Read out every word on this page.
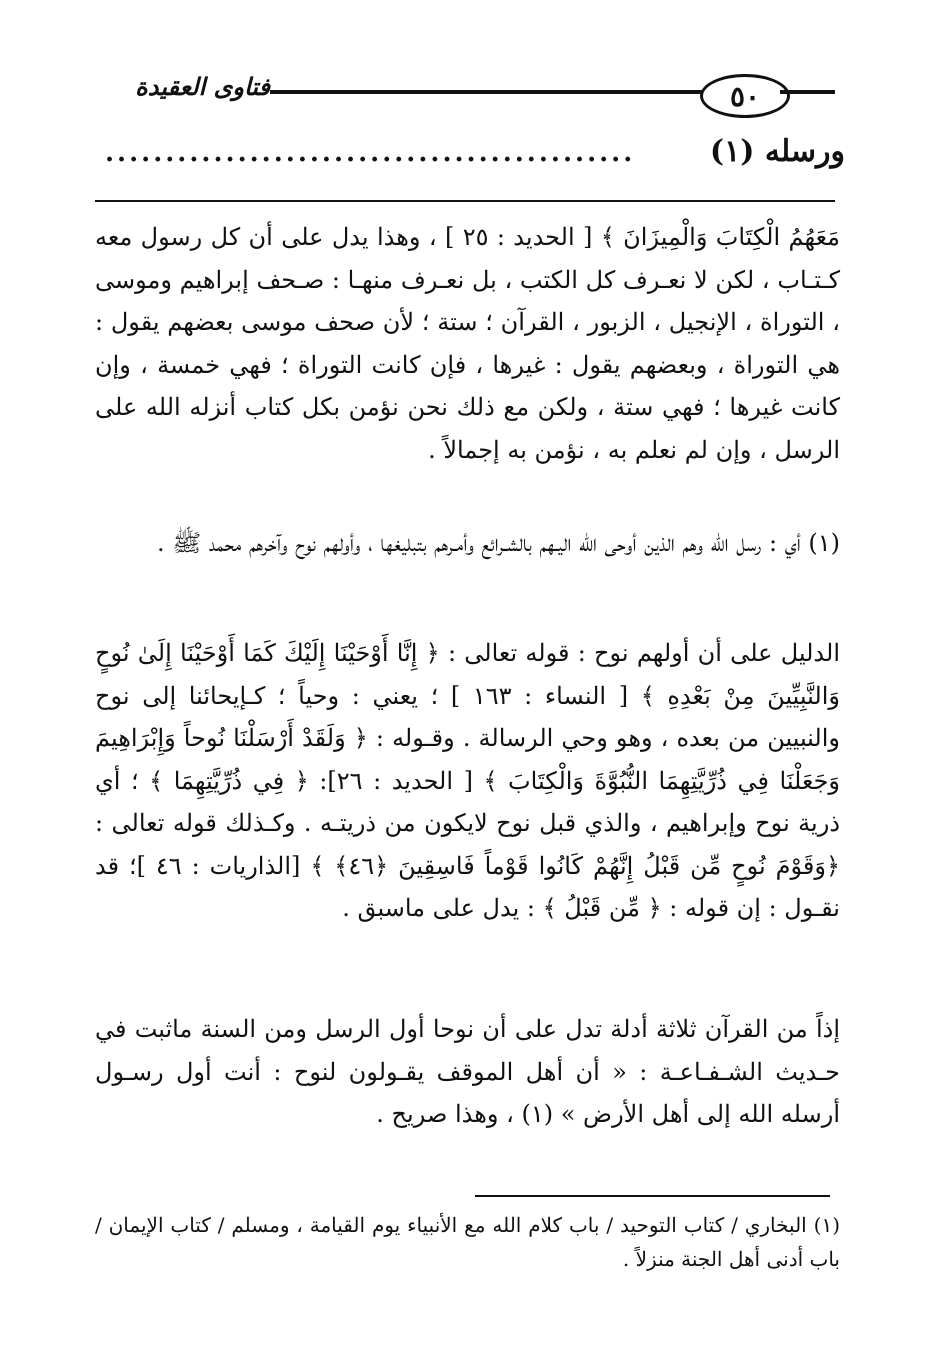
فتاوى العقيدة	٥٠
ورسله (١)
............................................
مَعَهُمُ الْكِتَابَ وَالْمِيزَانَ ﴾ [ الحديد : ٢٥ ] ، وهذا يدل على أن كل رسول معه كـتـاب ، لكن لا نعـرف كل الكتب ، بل نعـرف منهـا : صـحف إبراهيم وموسى ، التوراة ، الإنجيل ، الزبور ، القرآن ؛ ستة ؛ لأن صحف موسى بعضهم يقول : هي التوراة ، وبعضهم يقول : غيرها ، فإن كانت التوراة ؛ فهي خمسة ، وإن كانت غيرها ؛ فهي ستة ، ولكن مع ذلك نحن نؤمن بكل كتاب أنزله الله على الرسل ، وإن لم نعلم به ، نؤمن به إجمالاً .
(١) أي : رسل الله وهم الذين أوحى الله اليـهم بالشـرائع وأمـرهم بتبليغها ، وأولهم نوح وآخرهم محمد ﷺ .
الدليل على أن أولهم نوح : قوله تعالى : ﴿ إِنَّا أَوْحَيْنَا إِلَيْكَ كَمَا أَوْحَيْنَا إِلَىٰ نُوحٍ وَالنَّبِيِّينَ مِنْ بَعْدِهِ ﴾ [ النساء : ١٦٣ ] ؛ يعني : وحياً ؛ كـإيحائنا إلى نوح والنبيين من بعده ، وهو وحي الرسالة . وقـوله : ﴿ وَلَقَدْ أَرْسَلْنَا نُوحاً وَإِبْرَاهِيمَ وَجَعَلْنَا فِي ذُرِّيَّتِهِمَا النُّبُوَّةَ وَالْكِتَابَ ﴾ [ الحديد : ٢٦]: ﴿ فِي ذُرِّيَّتِهِمَا ﴾ ؛ أي ذرية نوح وإبراهيم ، والذي قبل نوح لايكون من ذريتـه . وكـذلك قوله تعالى : ﴿وَقَوْمَ نُوحٍ مِّن قَبْلُ إِنَّهُمْ كَانُوا قَوْماً فَاسِقِينَ ﴿٤٦﴾ ﴾ [الذاريات : ٤٦ ]؛ قد نقـول : إن قوله : ﴿ مِّن قَبْلُ ﴾ : يدل على ماسبق .
إذاً من القرآن ثلاثة أدلة تدل على أن نوحا أول الرسل ومن السنة ماثبت في حـديث الشـفـاعـة : « أن أهل الموقف يقـولون لنوح : أنت أول رسـول أرسله الله إلى أهل الأرض » (١) ، وهذا صريح .
(١) البخاري / كتاب التوحيد / باب كلام الله مع الأنبياء يوم القيامة ، ومسلم / كتاب الإيمان / باب أدنى أهل الجنة منزلاً .
